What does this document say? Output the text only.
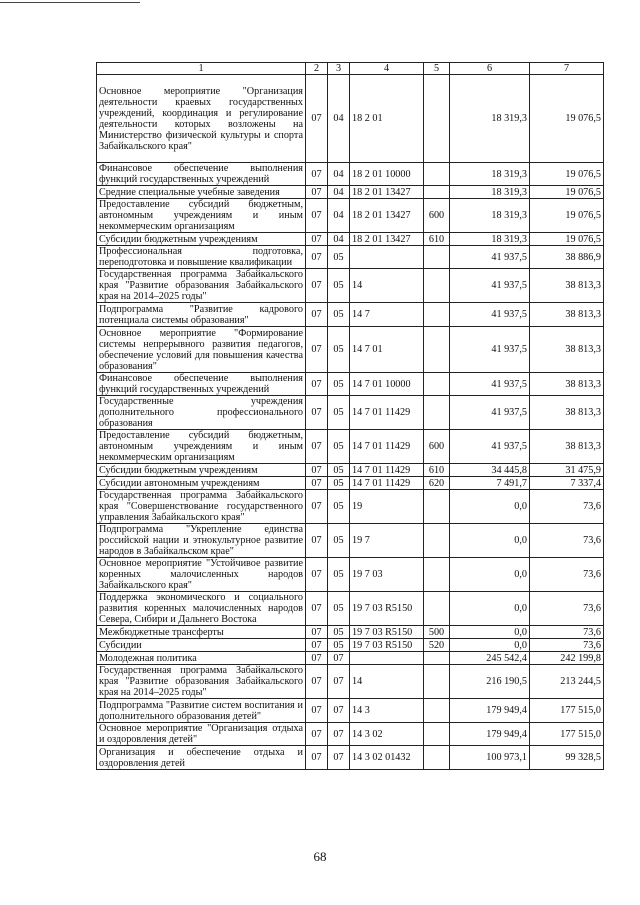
1	2	3	4	5	6	7
Основное мероприятие "Организация деятельности краевых государственных учреждений, координация и регулирование деятельности которых возложены на Министерство физической культуры и спорта Забайкальского края"	07	04	18 2 01		18 319,3	19 076,5
Финансовое обеспечение выполнения функций государственных учреждений	07	04	18 2 01 10000		18 319,3	19 076,5
Средние специальные учебные заведения	07	04	18 2 01 13427		18 319,3	19 076,5
Предоставление субсидий бюджетным, автономным учреждениям и иным некоммерческим организациям	07	04	18 2 01 13427	600	18 319,3	19 076,5
Субсидии бюджетным учреждениям	07	04	18 2 01 13427	610	18 319,3	19 076,5
Профессиональная подготовка, переподготовка и повышение квалификации	07	05			41 937,5	38 886,9
Государственная программа Забайкальского края "Развитие образования Забайкальского края на 2014–2025 годы"	07	05	14		41 937,5	38 813,3
Подпрограмма "Развитие кадрового потенциала системы образования"	07	05	14 7		41 937,5	38 813,3
Основное мероприятие "Формирование системы непрерывного развития педагогов, обеспечение условий для повышения качества образования"	07	05	14 7 01		41 937,5	38 813,3
Финансовое обеспечение выполнения функций государственных учреждений	07	05	14 7 01 10000		41 937,5	38 813,3
Государственные учреждения дополнительного профессионального образования	07	05	14 7 01 11429		41 937,5	38 813,3
Предоставление субсидий бюджетным, автономным учреждениям и иным некоммерческим организациям	07	05	14 7 01 11429	600	41 937,5	38 813,3
Субсидии бюджетным учреждениям	07	05	14 7 01 11429	610	34 445,8	31 475,9
Субсидии автономным учреждениям	07	05	14 7 01 11429	620	7 491,7	7 337,4
Государственная программа Забайкальского края "Совершенствование государственного управления Забайкальского края"	07	05	19		0,0	73,6
Подпрограмма "Укрепление единства российской нации и этнокультурное развитие народов в Забайкальском крае"	07	05	19 7		0,0	73,6
Основное мероприятие "Устойчивое развитие коренных малочисленных народов Забайкальского края"	07	05	19 7 03		0,0	73,6
Поддержка экономического и социального развития коренных малочисленных народов Севера, Сибири и Дальнего Востока	07	05	19 7 03 R5150		0,0	73,6
Межбюджетные трансферты	07	05	19 7 03 R5150	500	0,0	73,6
Субсидии	07	05	19 7 03 R5150	520	0,0	73,6
Молодежная политика	07	07			245 542,4	242 199,8
Государственная программа Забайкальского края "Развитие образования Забайкальского края на 2014–2025 годы"	07	07	14		216 190,5	213 244,5
Подпрограмма "Развитие систем воспитания и дополнительного образования детей"	07	07	14 3		179 949,4	177 515,0
Основное мероприятие "Организация отдыха и оздоровления детей"	07	07	14 3 02		179 949,4	177 515,0
Организация и обеспечение отдыха и оздоровления детей	07	07	14 3 02 01432		100 973,1	99 328,5
68
